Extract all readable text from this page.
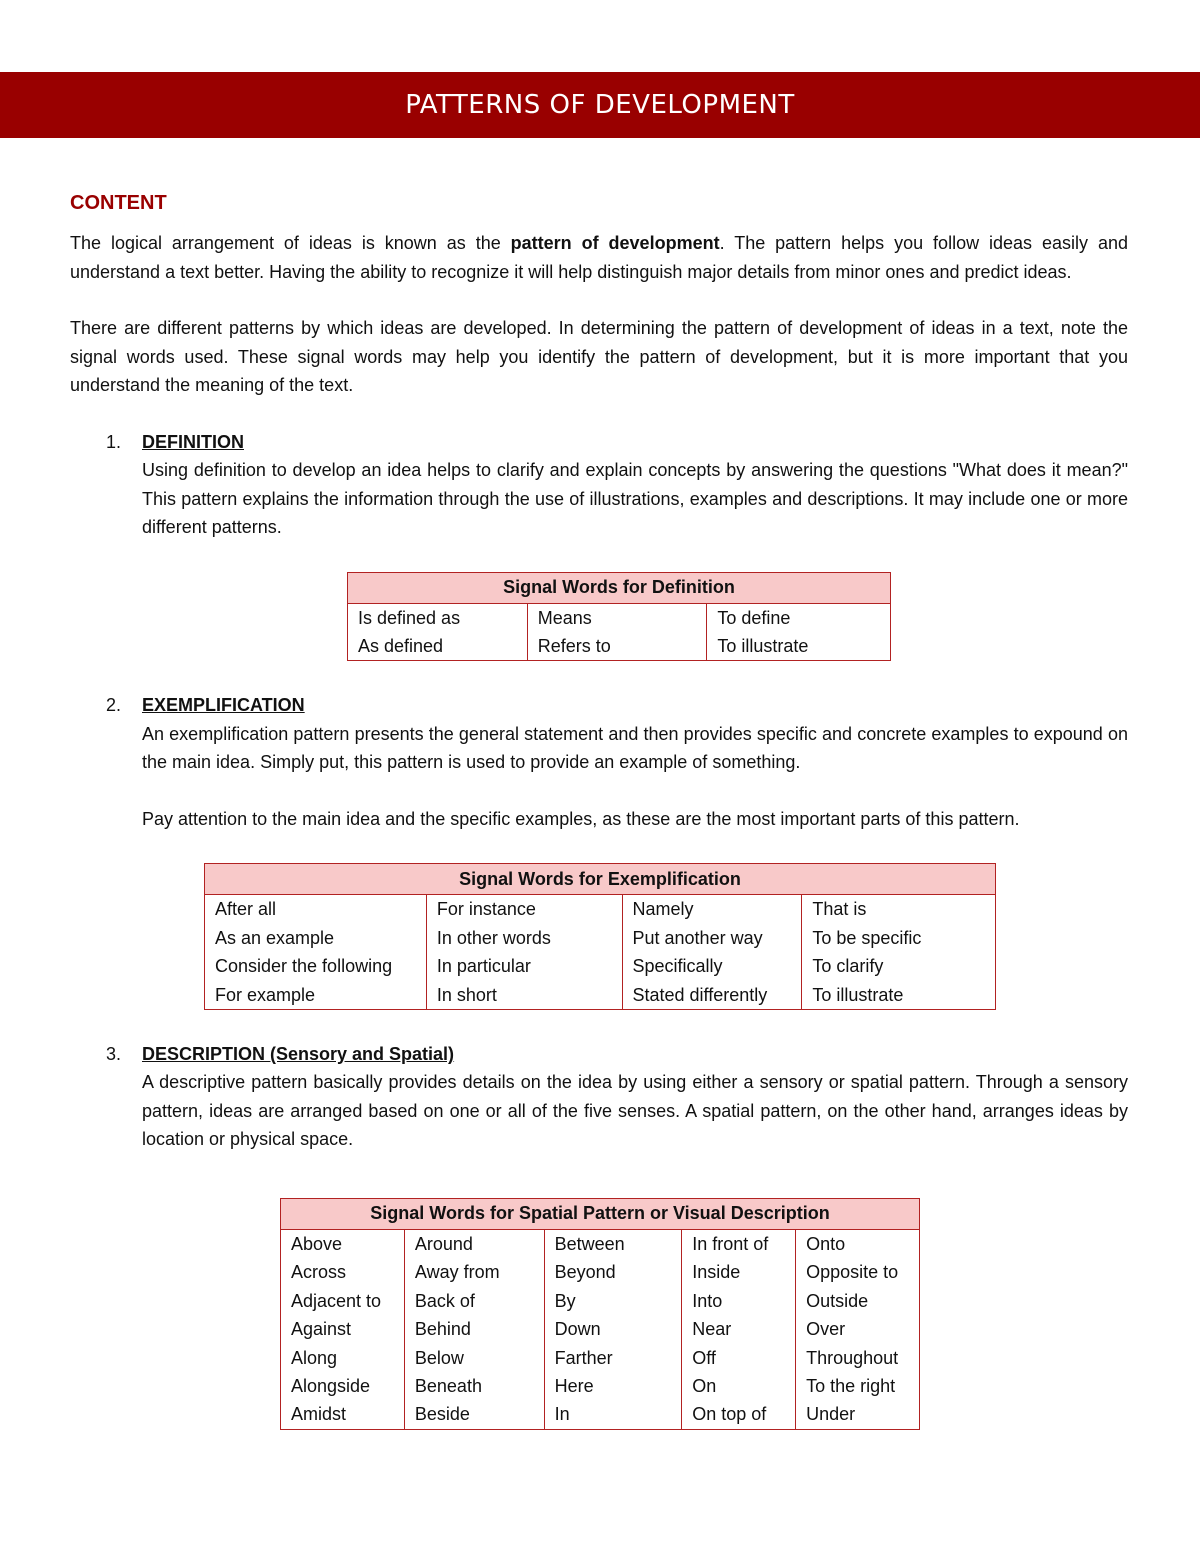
PATTERNS OF DEVELOPMENT
CONTENT

The logical arrangement of ideas is known as the pattern of development. The pattern helps you follow ideas easily and understand a text better. Having the ability to recognize it will help distinguish major details from minor ones and predict ideas.

There are different patterns by which ideas are developed. In determining the pattern of development of ideas in a text, note the signal words used. These signal words may help you identify the pattern of development, but it is more important that you understand the meaning of the text.

1. DEFINITION

Using definition to develop an idea helps to clarify and explain concepts by answering the questions "What does it mean?" This pattern explains the information through the use of illustrations, examples and descriptions. It may include one or more different patterns.

Signal Words for Definition		
Is defined as	Means	To define
As defined	Refers to	To illustrate
2. EXEMPLIFICATION

An exemplification pattern presents the general statement and then provides specific and concrete examples to expound on the main idea. Simply put, this pattern is used to provide an example of something.

Pay attention to the main idea and the specific examples, as these are the most important parts of this pattern.

Signal Words for Exemplification			
After all	For instance	Namely	That is
As an example	In other words	Put another way	To be specific
Consider the following	In particular	Specifically	To clarify
For example	In short	Stated differently	To illustrate
3. DESCRIPTION (Sensory and Spatial)

A descriptive pattern basically provides details on the idea by using either a sensory or spatial pattern. Through a sensory pattern, ideas are arranged based on one or all of the five senses. A spatial pattern, on the other hand, arranges ideas by location or physical space.

Signal Words for Spatial Pattern or Visual Description				
Above	Around	Between	In front of	Onto
Across	Away from	Beyond	Inside	Opposite to
Adjacent to	Back of	By	Into	Outside
Against	Behind	Down	Near	Over
Along	Below	Farther	Off	Throughout
Alongside	Beneath	Here	On	To the right
Amidst	Beside	In	On top of	Under
